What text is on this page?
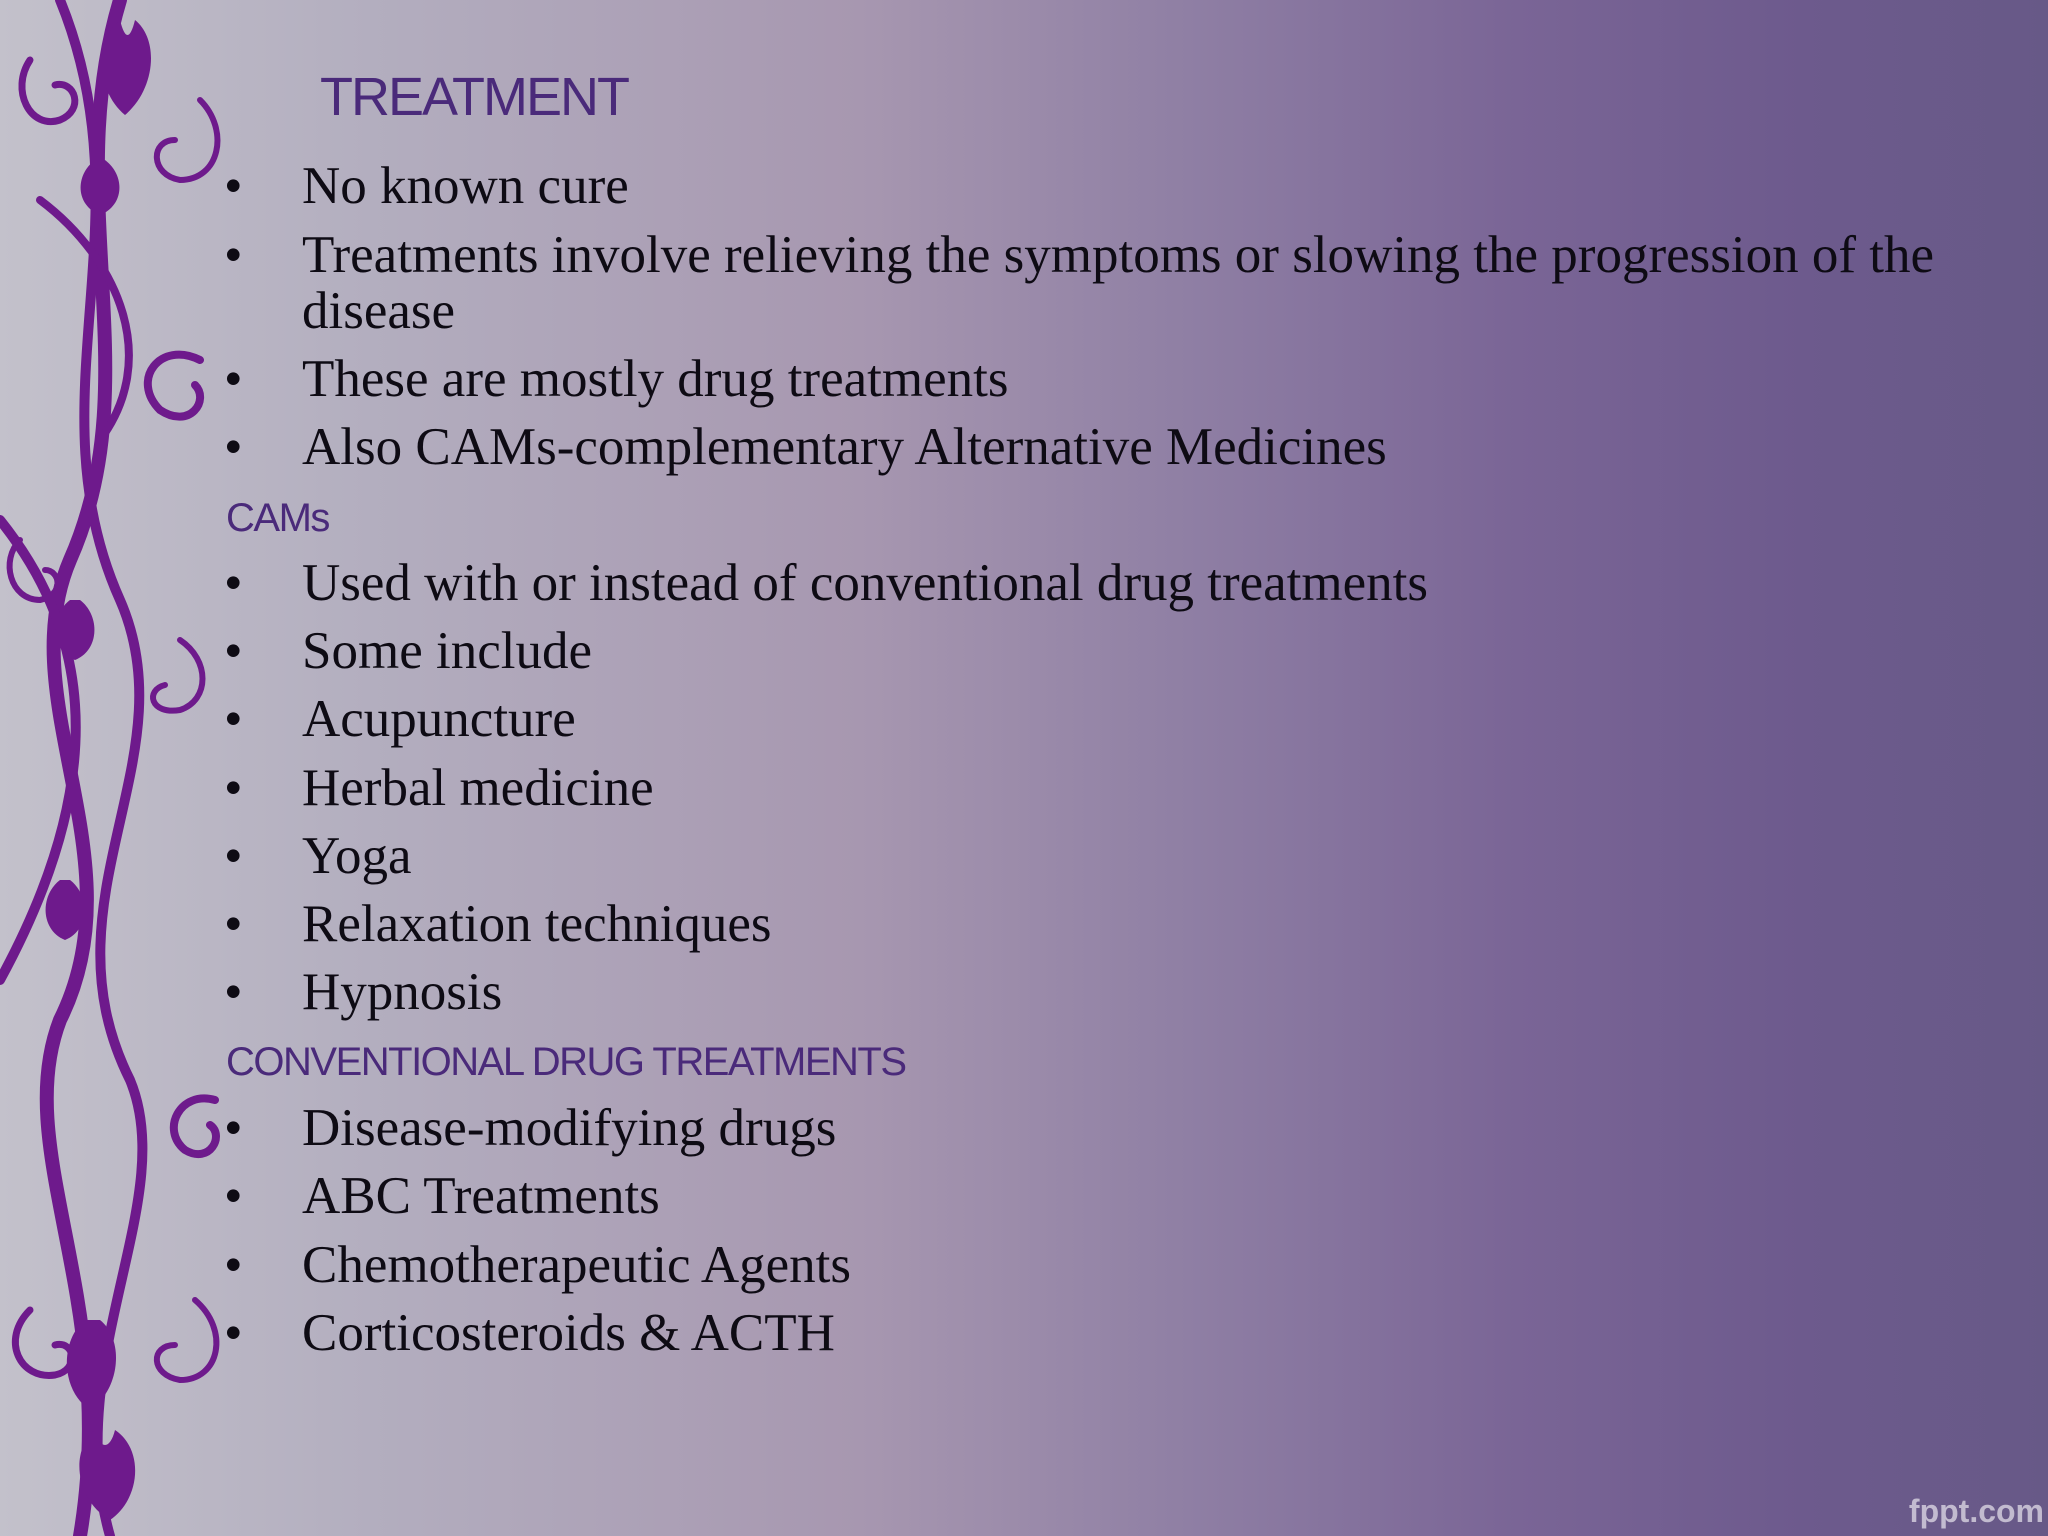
TREATMENT
•	No known cure
•	Treatments involve relieving the symptoms or slowing the progression of the disease
•	These are mostly drug treatments
•	Also CAMs-complementary Alternative Medicines
CAMs
•	Used with or instead of conventional drug treatments
•	Some include
•	Acupuncture
•	Herbal medicine
•	Yoga
•	Relaxation techniques
•	Hypnosis
CONVENTIONAL DRUG TREATMENTS
•	Disease-modifying drugs
•	ABC Treatments
•	Chemotherapeutic Agents
•	Corticosteroids & ACTH
fppt.com
